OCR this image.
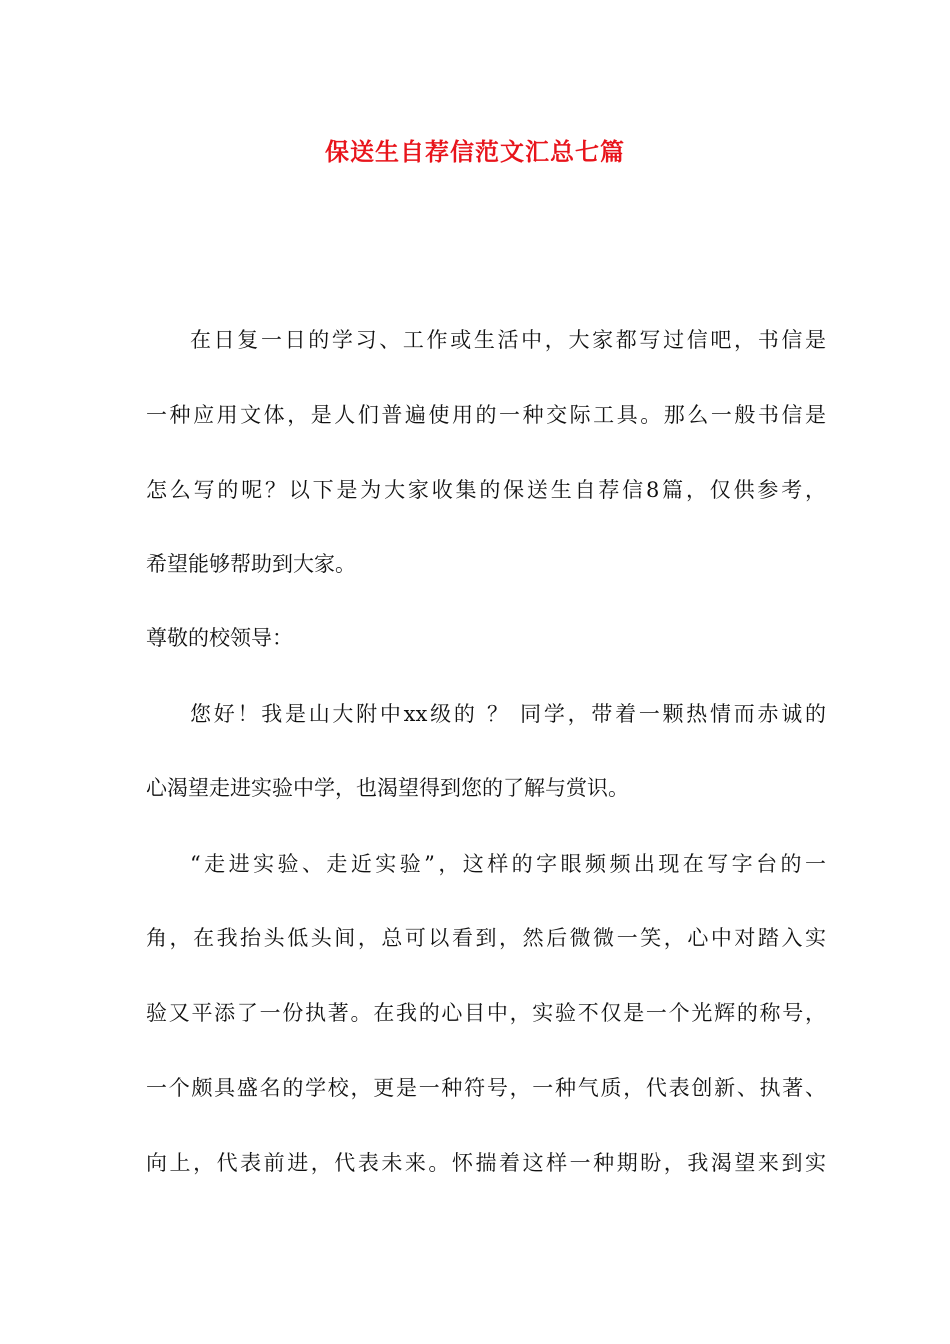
保送生自荐信范文汇总七篇

在日复一日的学习、工作或生活中，大家都写过信吧，书信是

一种应用文体，是人们普遍使用的一种交际工具。那么一般书信是

怎么写的呢？以下是为大家收集的保送生自荐信8篇，仅供参考，

希望能够帮助到大家。

尊敬的校领导：

您好！我是山大附中xx级的 ？ 同学，带着一颗热情而赤诚的

心渴望走进实验中学，也渴望得到您的了解与赏识。

“走进实验、走近实验”，这样的字眼频频出现在写字台的一

角，在我抬头低头间，总可以看到，然后微微一笑，心中对踏入实

验又平添了一份执著。在我的心目中，实验不仅是一个光辉的称号，

一个颇具盛名的学校，更是一种符号，一种气质，代表创新、执著、

向上，代表前进，代表未来。怀揣着这样一种期盼，我渴望来到实
